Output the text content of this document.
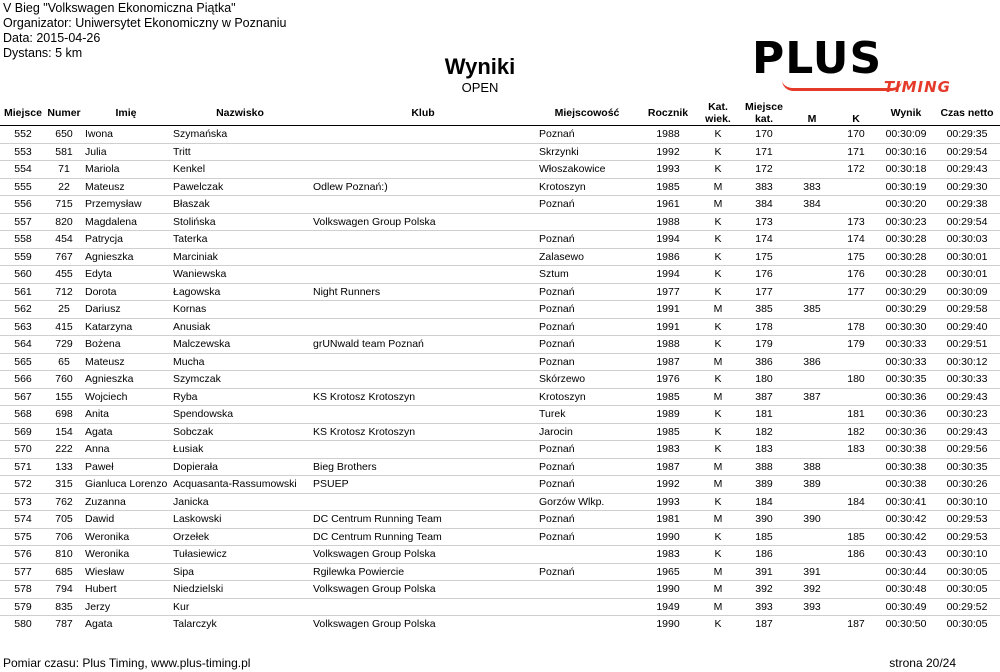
V Bieg "Volkswagen Ekonomiczna Piątka"
Organizator: Uniwersytet Ekonomiczny w Poznaniu
Data: 2015-04-26
Dystans: 5 km
Wyniki
OPEN
PLUS
TIMING
Miejsce	Numer	Imię	Nazwisko	Klub	Miejscowość	Rocznik	Kat.
wiek.	Miejsce
kat.	M	K	Wynik	Czas netto
552	650	Iwona	Szymańska		Poznań	1988	K	170		170	00:30:09	00:29:35
553	581	Julia	Tritt		Skrzynki	1992	K	171		171	00:30:16	00:29:54
554	71	Mariola	Kenkel		Włoszakowice	1993	K	172		172	00:30:18	00:29:43
555	22	Mateusz	Pawelczak	Odlew Poznań:)	Krotoszyn	1985	M	383	383		00:30:19	00:29:30
556	715	Przemysław	Błaszak		Poznań	1961	M	384	384		00:30:20	00:29:38
557	820	Magdalena	Stolińska	Volkswagen Group Polska		1988	K	173		173	00:30:23	00:29:54
558	454	Patrycja	Taterka		Poznań	1994	K	174		174	00:30:28	00:30:03
559	767	Agnieszka	Marciniak		Zalasewo	1986	K	175		175	00:30:28	00:30:01
560	455	Edyta	Waniewska		Sztum	1994	K	176		176	00:30:28	00:30:01
561	712	Dorota	Łagowska	Night Runners	Poznań	1977	K	177		177	00:30:29	00:30:09
562	25	Dariusz	Kornas		Poznań	1991	M	385	385		00:30:29	00:29:58
563	415	Katarzyna	Anusiak		Poznań	1991	K	178		178	00:30:30	00:29:40
564	729	Bożena	Malczewska	grUNwald team Poznań	Poznań	1988	K	179		179	00:30:33	00:29:51
565	65	Mateusz	Mucha		Poznan	1987	M	386	386		00:30:33	00:30:12
566	760	Agnieszka	Szymczak		Skórzewo	1976	K	180		180	00:30:35	00:30:33
567	155	Wojciech	Ryba	KS Krotosz Krotoszyn	Krotoszyn	1985	M	387	387		00:30:36	00:29:43
568	698	Anita	Spendowska		Turek	1989	K	181		181	00:30:36	00:30:23
569	154	Agata	Sobczak	KS Krotosz Krotoszyn	Jarocin	1985	K	182		182	00:30:36	00:29:43
570	222	Anna	Łusiak		Poznań	1983	K	183		183	00:30:38	00:29:56
571	133	Paweł	Dopierała	Bieg Brothers	Poznań	1987	M	388	388		00:30:38	00:30:35
572	315	Gianluca Lorenzo	Acquasanta-Rassumowski	PSUEP	Poznań	1992	M	389	389		00:30:38	00:30:26
573	762	Zuzanna	Janicka		Gorzów Wlkp.	1993	K	184		184	00:30:41	00:30:10
574	705	Dawid	Laskowski	DC Centrum Running Team	Poznań	1981	M	390	390		00:30:42	00:29:53
575	706	Weronika	Orzełek	DC Centrum Running Team	Poznań	1990	K	185		185	00:30:42	00:29:53
576	810	Weronika	Tułasiewicz	Volkswagen Group Polska		1983	K	186		186	00:30:43	00:30:10
577	685	Wiesław	Sipa	Rgilewka Powiercie	Poznań	1965	M	391	391		00:30:44	00:30:05
578	794	Hubert	Niedzielski	Volkswagen Group Polska		1990	M	392	392		00:30:48	00:30:05
579	835	Jerzy	Kur			1949	M	393	393		00:30:49	00:29:52
580	787	Agata	Talarczyk	Volkswagen Group Polska		1990	K	187		187	00:30:50	00:30:05
Pomiar czasu: Plus Timing, www.plus-timing.pl	strona 20/24
